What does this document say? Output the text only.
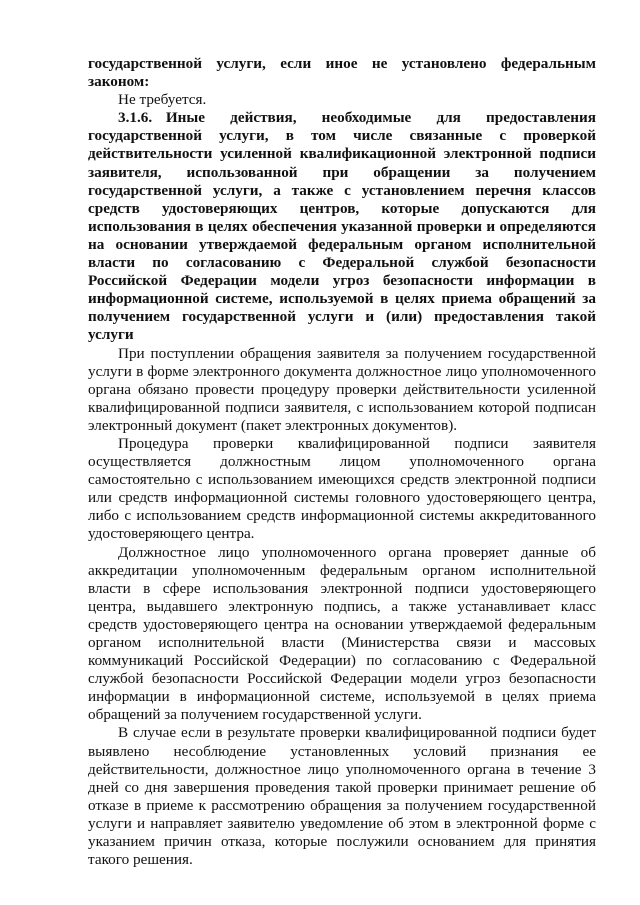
государственной услуги, если иное не установлено федеральным законом:

Не требуется.

3.1.6. Иные действия, необходимые для предоставления государственной услуги, в том числе связанные с проверкой действительности усиленной квалификационной электронной подписи заявителя, использованной при обращении за получением государственной услуги, а также с установлением перечня классов средств удостоверяющих центров, которые допускаются для использования в целях обеспечения указанной проверки и определяются на основании утверждаемой федеральным органом исполнительной власти по согласованию с Федеральной службой безопасности Российской Федерации модели угроз безопасности информации в информационной системе, используемой в целях приема обращений за получением государственной услуги и (или) предоставления такой услуги

При поступлении обращения заявителя за получением государственной услуги в форме электронного документа должностное лицо уполномоченного органа обязано провести процедуру проверки действительности усиленной квалифицированной подписи заявителя, с использованием которой подписан электронный документ (пакет электронных документов).

Процедура проверки квалифицированной подписи заявителя осуществляется должностным лицом уполномоченного органа самостоятельно с использованием имеющихся средств электронной подписи или средств информационной системы головного удостоверяющего центра, либо с использованием средств информационной системы аккредитованного удостоверяющего центра.

Должностное лицо уполномоченного органа проверяет данные об аккредитации уполномоченным федеральным органом исполнительной власти в сфере использования электронной подписи удостоверяющего центра, выдавшего электронную подпись, а также устанавливает класс средств удостоверяющего центра на основании утверждаемой федеральным органом исполнительной власти (Министерства связи и массовых коммуникаций Российской Федерации) по согласованию с Федеральной службой безопасности Российской Федерации модели угроз безопасности информации в информационной системе, используемой в целях приема обращений за получением государственной услуги.

В случае если в результате проверки квалифицированной подписи будет выявлено несоблюдение установленных условий признания ее действительности, должностное лицо уполномоченного органа в течение 3 дней со дня завершения проведения такой проверки принимает решение об отказе в приеме к рассмотрению обращения за получением государственной услуги и направляет заявителю уведомление об этом в электронной форме с указанием причин отказа, которые послужили основанием для принятия такого решения.
